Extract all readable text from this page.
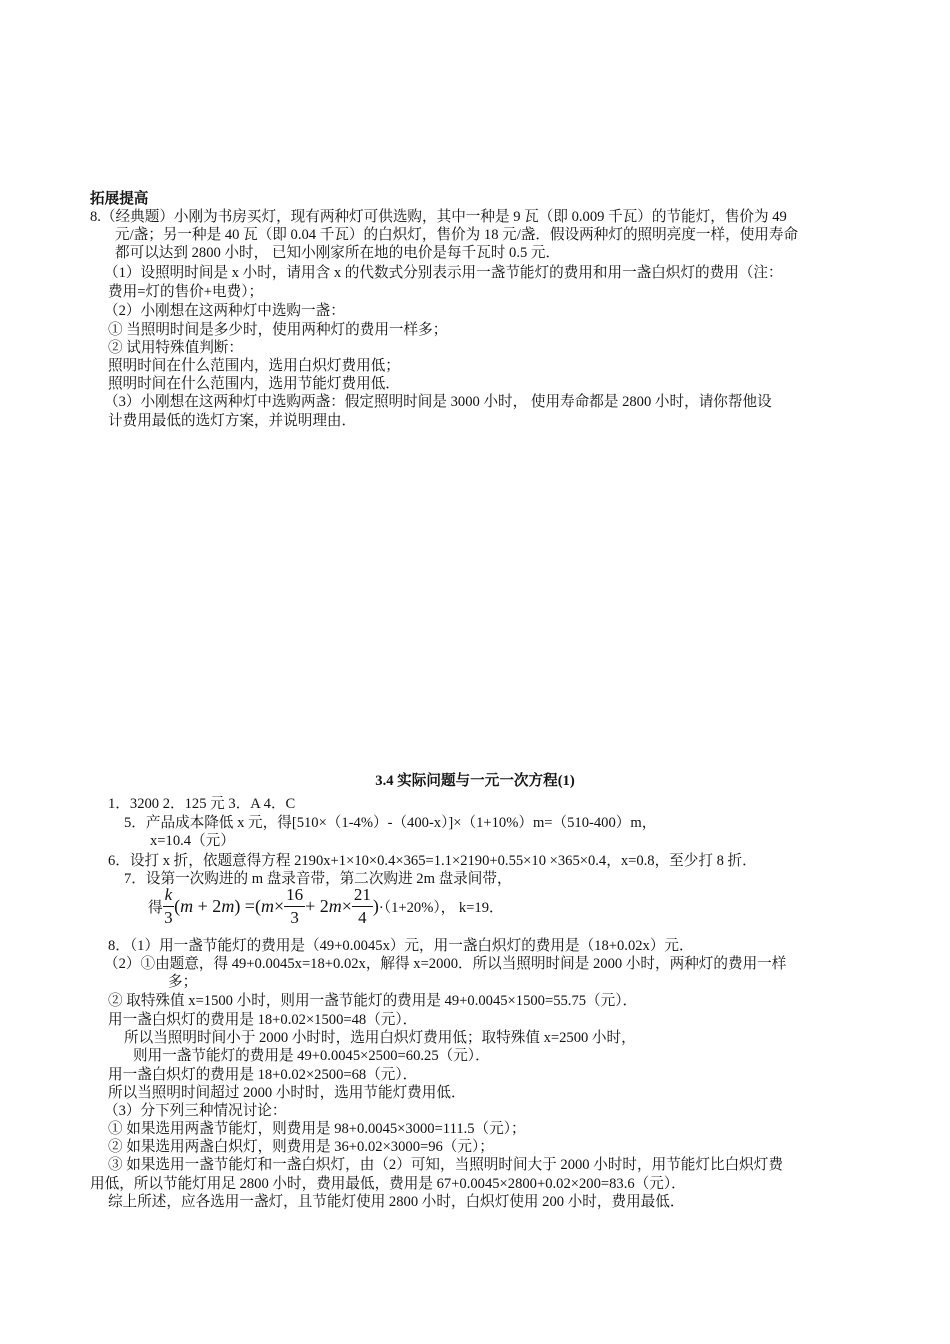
拓展提高
8.（经典题）小刚为书房买灯，现有两种灯可供选购，其中一种是 9 瓦（即 0.009 千瓦）的节能灯，售价为 49
元/盏；另一种是 40 瓦（即 0.04 千瓦）的白炽灯，售价为 18 元/盏．假设两种灯的照明亮度一样，使用寿命
都可以达到 2800 小时， 已知小刚家所在地的电价是每千瓦时 0.5 元．
（1）设照明时间是 x 小时，请用含 x 的代数式分别表示用一盏节能灯的费用和用一盏白炽灯的费用（注：
费用=灯的售价+电费）；
（2）小刚想在这两种灯中选购一盏：
① 当照明时间是多少时，使用两种灯的费用一样多；
② 试用特殊值判断：
照明时间在什么范围内，选用白炽灯费用低；
照明时间在什么范围内，选用节能灯费用低．
（3）小刚想在这两种灯中选购两盏：假定照明时间是 3000 小时， 使用寿命都是 2800 小时，请你帮他设
计费用最低的选灯方案，并说明理由．
3.4 实际问题与一元一次方程(1)
1．3200 2．125 元 3．A 4．C
5．产品成本降低 x 元，得[510×（1-4%）-（400-x）]×（1+10%）m=（510-400）m，
x=10.4（元）
6．设打 x 折，依题意得方程 2190x+1×10×0.4×365=1.1×2190+0.55×10 ×365×0.4，x=0.8，至少打 8 折．
7．设第一次购进的 m 盘录音带，第二次购进 2m 盘录间带，
得 $\frac{k}{3} (m + 2m) =(m\times \frac{16}{3} + 2m\times \frac{21}{4} )\cdot(1+20\%)$， k=19．
8．（1）用一盏节能灯的费用是（49+0.0045x）元，用一盏白炽灯的费用是（18+0.02x）元．
（2）①由题意，得 49+0.0045x=18+0.02x，解得 x=2000．所以当照明时间是 2000 小时，两种灯的费用一样
多；
② 取特殊值 x=1500 小时，则用一盏节能灯的费用是 49+0.0045×1500=55.75（元）．
用一盏白炽灯的费用是 18+0.02×1500=48（元）．
所以当照明时间小于 2000 小时时，选用白炽灯费用低；取特殊值 x=2500 小时，
则用一盏节能灯的费用是 49+0.0045×2500=60.25（元）．
用一盏白炽灯的费用是 18+0.02×2500=68（元）．
所以当照明时间超过 2000 小时时，选用节能灯费用低．
（3）分下列三种情况讨论：
① 如果选用两盏节能灯，则费用是 98+0.0045×3000=111.5（元）；
② 如果选用两盏白炽灯，则费用是 36+0.02×3000=96（元）；
③ 如果选用一盏节能灯和一盏白炽灯，由（2）可知，当照明时间大于 2000 小时时，用节能灯比白炽灯费
用低，所以节能灯用足 2800 小时，费用最低，费用是 67+0.0045×2800+0.02×200=83.6（元）．
综上所述，应各选用一盏灯，且节能灯使用 2800 小时，白炽灯使用 200 小时，费用最低．
